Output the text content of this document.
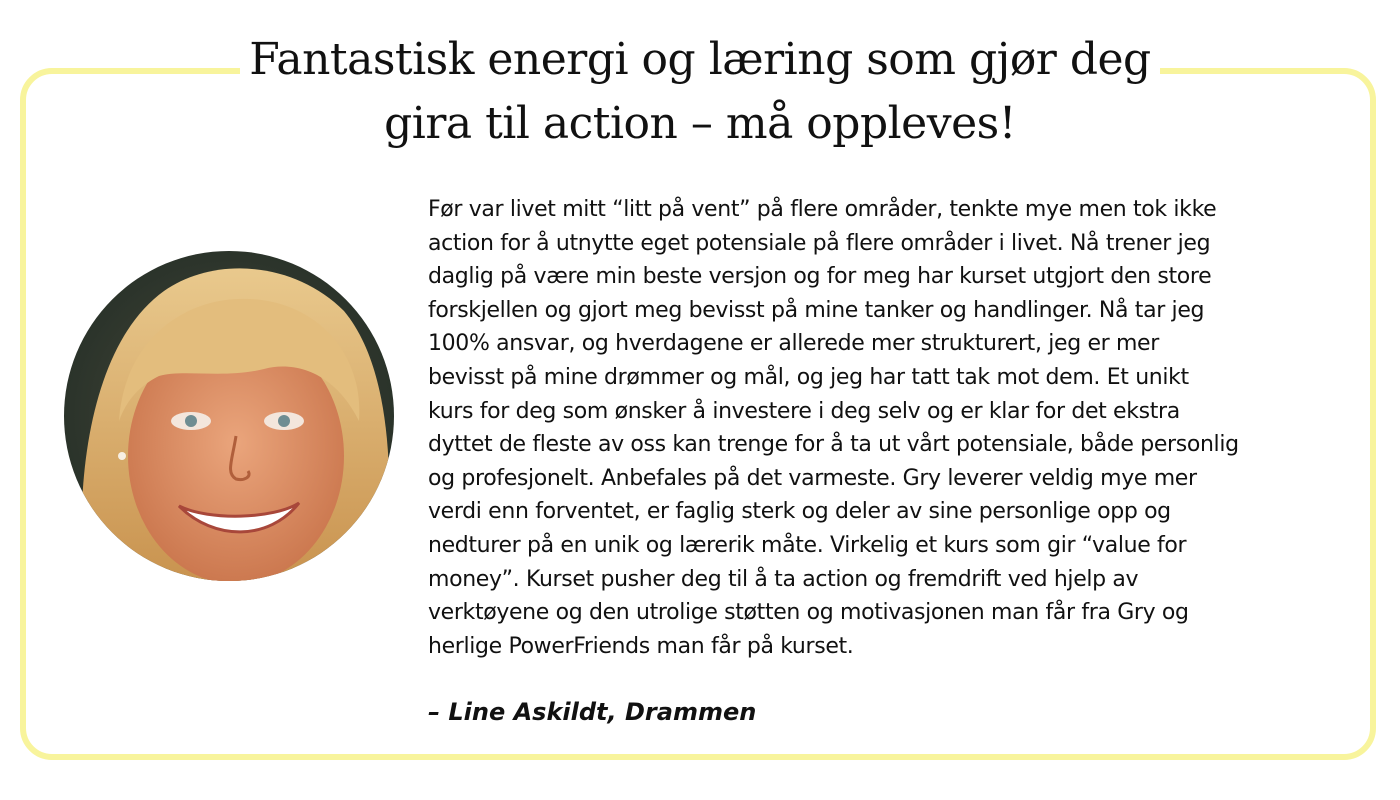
Fantastisk energi og læring som gjør deg
gira til action – må oppleves!
Før var livet mitt “litt på vent” på flere områder, tenkte mye men tok ikke
action for å utnytte eget potensiale på flere områder i livet. Nå trener jeg
daglig på være min beste versjon og for meg har kurset utgjort den store
forskjellen og gjort meg bevisst på mine tanker og handlinger. Nå tar jeg
100% ansvar, og hverdagene er allerede mer strukturert, jeg er mer
bevisst på mine drømmer og mål, og jeg har tatt tak mot dem. Et unikt
kurs for deg som ønsker å investere i deg selv og er klar for det ekstra
dyttet de fleste av oss kan trenge for å ta ut vårt potensiale, både personlig
og profesjonelt. Anbefales på det varmeste. Gry leverer veldig mye mer
verdi enn forventet, er faglig sterk og deler av sine personlige opp og
nedturer på en unik og lærerik måte. Virkelig et kurs som gir “value for
money”. Kurset pusher deg til å ta action og fremdrift ved hjelp av
verktøyene og den utrolige støtten og motivasjonen man får fra Gry og
herlige PowerFriends man får på kurset.
– Line Askildt, Drammen
